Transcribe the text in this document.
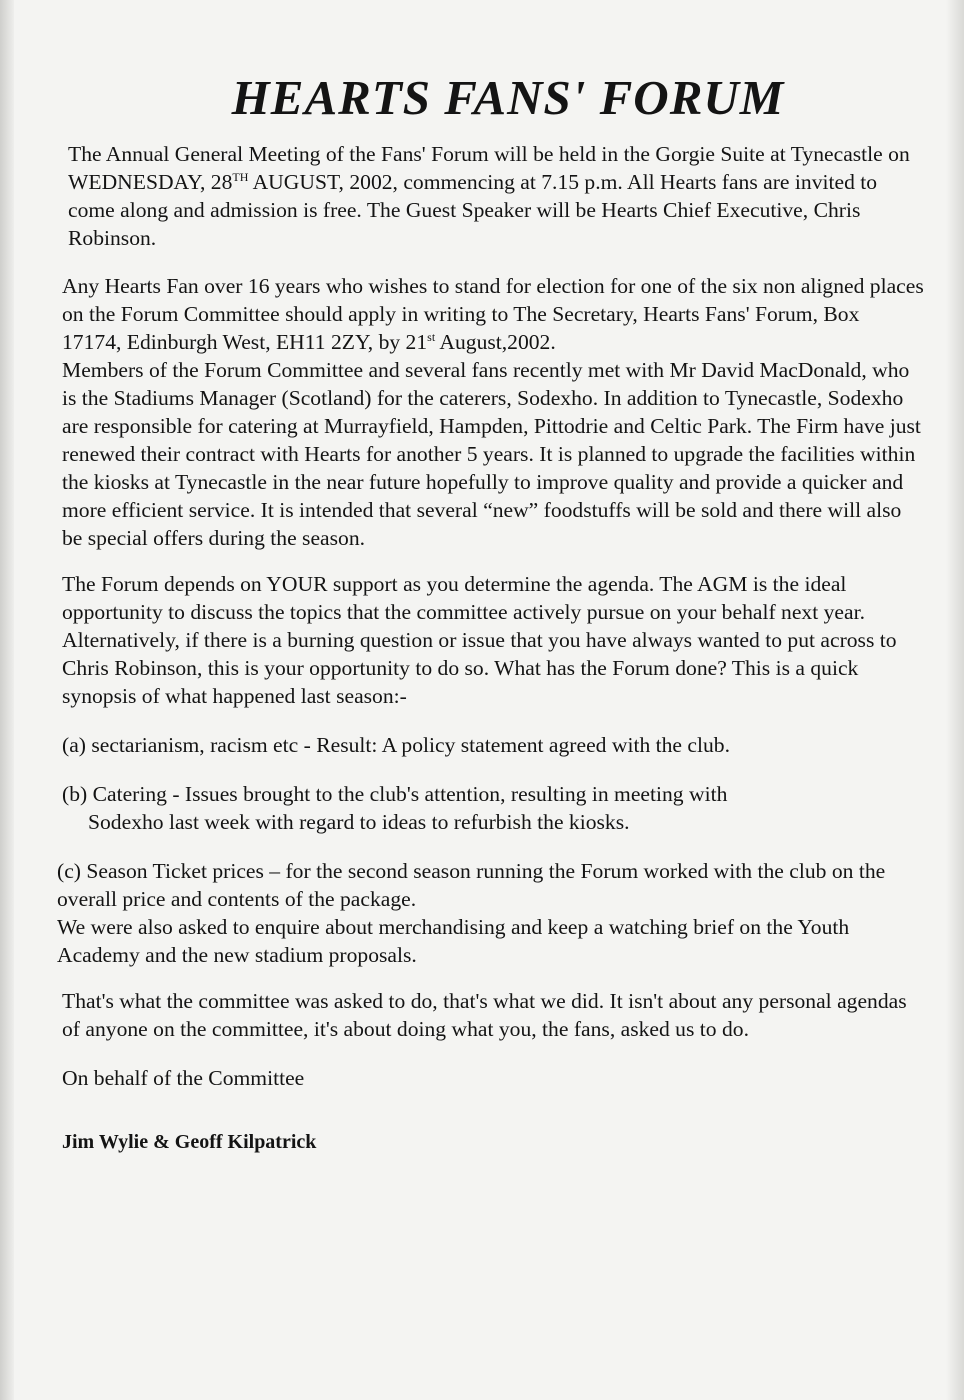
HEARTS FANS' FORUM

The Annual General Meeting of the Fans' Forum will be held in the Gorgie Suite at Tynecastle on WEDNESDAY, 28TH AUGUST, 2002, commencing at 7.15 p.m. All Hearts fans are invited to come along and admission is free. The Guest Speaker will be Hearts Chief Executive, Chris Robinson.

Any Hearts Fan over 16 years who wishes to stand for election for one of the six non aligned places on the Forum Committee should apply in writing to The Secretary, Hearts Fans' Forum, Box 17174, Edinburgh West, EH11 2ZY, by 21st August,2002.

Members of the Forum Committee and several fans recently met with Mr David MacDonald, who is the Stadiums Manager (Scotland) for the caterers, Sodexho. In addition to Tynecastle, Sodexho are responsible for catering at Murrayfield, Hampden, Pittodrie and Celtic Park. The Firm have just renewed their contract with Hearts for another 5 years. It is planned to upgrade the facilities within the kiosks at Tynecastle in the near future hopefully to improve quality and provide a quicker and more efficient service. It is intended that several “new” foodstuffs will be sold and there will also be special offers during the season.

The Forum depends on YOUR support as you determine the agenda. The AGM is the ideal opportunity to discuss the topics that the committee actively pursue on your behalf next year. Alternatively, if there is a burning question or issue that you have always wanted to put across to Chris Robinson, this is your opportunity to do so. What has the Forum done? This is a quick synopsis of what happened last season:-

(a) sectarianism, racism etc - Result: A policy statement agreed with the club.

(b) Catering - Issues brought to the club's attention, resulting in meeting with
Sodexho last week with regard to ideas to refurbish the kiosks.

(c) Season Ticket prices – for the second season running the Forum worked with the club on the overall price and contents of the package.

We were also asked to enquire about merchandising and keep a watching brief on the Youth Academy and the new stadium proposals.

That's what the committee was asked to do, that's what we did. It isn't about any personal agendas of anyone on the committee, it's about doing what you, the fans, asked us to do.

On behalf of the Committee

Jim Wylie & Geoff Kilpatrick
